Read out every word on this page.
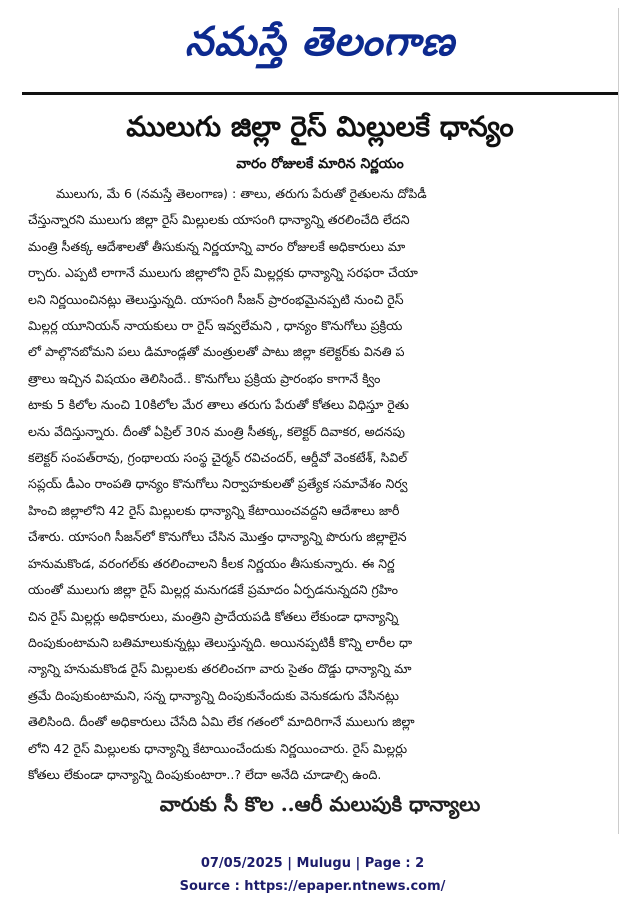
నమస్తే తెలంగాణ
ములుగు జిల్లా రైస్ మిల్లులకే ధాన్యం
వారం రోజులకే మారిన నిర్ణయం
ములుగు, మే 6 (నమస్తే తెలంగాణ) : తాలు, తరుగు పేరుతో రైతులను దోపిడీ
చేస్తున్నారని ములుగు జిల్లా రైస్ మిల్లులకు యాసంగి ధాన్యాన్ని తరలించేది లేదని
మంత్రి సీతక్క ఆదేశాలతో తీసుకున్న నిర్ణయాన్ని వారం రోజులకే అధికారులు మా
ర్చారు. ఎప్పటి లాగానే ములుగు జిల్లాలోని రైస్ మిల్లర్లకు ధాన్యాన్ని సరఫరా చేయా
లని నిర్ణయించినట్లు తెలుస్తున్నది. యాసంగి సీజన్ ప్రారంభమైనప్పటి నుంచి రైస్
మిల్లర్ల యూనియన్ నాయకులు రా రైస్ ఇవ్వలేమని , ధాన్యం కొనుగోలు ప్రక్రియ
లో పాల్గొనబోమని పలు డిమాండ్లతో మంత్రులతో పాటు జిల్లా కలెక్టర్‌కు వినతి ప
త్రాలు ఇచ్చిన విషయం తెలిసిందే.. కొనుగోలు ప్రక్రియ ప్రారంభం కాగానే క్విం
టాకు 5 కిలోల నుంచి 10కిలోల మేర తాలు తరుగు పేరుతో కోతలు విధిస్తూ రైతు
లను వేదిస్తున్నారు. దీంతో ఏప్రిల్ 30న మంత్రి సీతక్క, కలెక్టర్ దివాకర, అదనపు
కలెక్టర్ సంపత్‌రావు, గ్రంథాలయ సంస్థ చైర్మన్ రవిచందర్, ఆర్డీవో వెంకటేశ్, సివిల్
సప్లయ్ డీఎం రాంపతి ధాన్యం కొనుగోలు నిర్వాహకులతో ప్రత్యేక సమావేశం నిర్వ
హించి జిల్లాలోని 42 రైస్ మిల్లులకు ధాన్యాన్ని కేటాయించవద్దని ఆదేశాలు జారీ
చేశారు. యాసంగి సీజన్‌లో కొనుగోలు చేసిన మొత్తం ధాన్యాన్ని పొరుగు జిల్లాలైన
హనుమకొండ, వరంగల్‌కు తరలించాలని కీలక నిర్ణయం తీసుకున్నారు. ఈ నిర్ణ
యంతో ములుగు జిల్లా రైస్ మిల్లర్ల మనుగడకే ప్రమాదం ఏర్పడనున్నదని గ్రహిం
చిన రైస్ మిల్లర్లు అధికారులు, మంత్రిని ప్రాదేయపడి కోతలు లేకుండా ధాన్యాన్ని
దింపుకుంటామని బతిమాలుకున్నట్లు తెలుస్తున్నది. అయినప్పటికీ కొన్ని లారీల ధా
న్యాన్ని హనుమకొండ రైస్ మిల్లులకు తరలించగా వారు సైతం దొడ్డు ధాన్యాన్ని మా
త్రమే దింపుకుంటామని, సన్న ధాన్యాన్ని దింపుకునేందుకు వెనుకడుగు వేసినట్లు
తెలిసింది. దీంతో అధికారులు చేసేది ఏమి లేక గతంలో మాదిరిగానే ములుగు జిల్లా
లోని 42 రైస్ మిల్లులకు ధాన్యాన్ని కేటాయించేందుకు నిర్ణయించారు. రైస్ మిల్లర్లు
కోతలు లేకుండా ధాన్యాన్ని దింపుకుంటారా..? లేదా అనేది చూడాల్సి ఉంది.
వారుకు సీ కొల ..ఆరీ మలుపుకి ధాన్యాలు
07/05/2025 | Mulugu | Page : 2
Source : https://epaper.ntnews.com/
